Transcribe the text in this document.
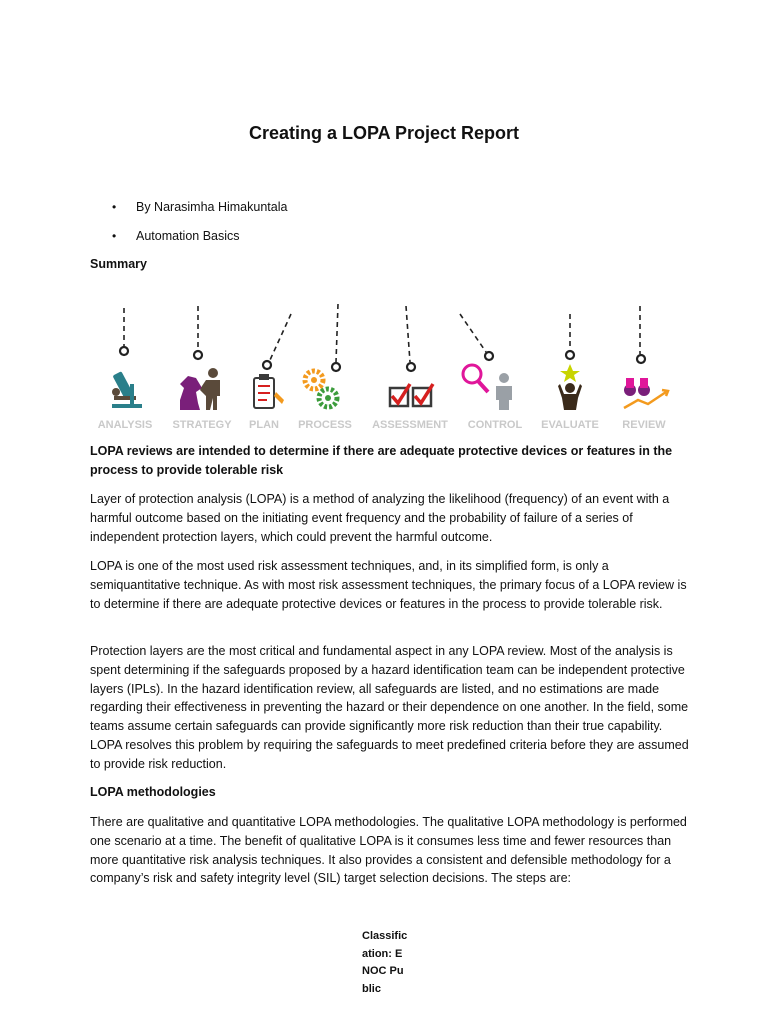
Creating a LOPA Project Report
• By Narasimha Himakuntala
• Automation Basics
Summary
ANALYSIS STRATEGY PLAN PROCESS ASSESSMENT CONTROL EVALUATE REVIEW

LOPA reviews are intended to determine if there are adequate protective devices or features in the process to provide tolerable risk

Layer of protection analysis (LOPA) is a method of analyzing the likelihood (frequency) of an event with a harmful outcome based on the initiating event frequency and the probability of failure of a series of independent protection layers, which could prevent the harmful outcome.

LOPA is one of the most used risk assessment techniques, and, in its simplified form, is only a semiquantitative technique. As with most risk assessment techniques, the primary focus of a LOPA review is to determine if there are adequate protective devices or features in the process to provide tolerable risk.

Protection layers are the most critical and fundamental aspect in any LOPA review. Most of the analysis is spent determining if the safeguards proposed by a hazard identification team can be independent protective layers (IPLs). In the hazard identification review, all safeguards are listed, and no estimations are made regarding their effectiveness in preventing the hazard or their dependence on one another. In the field, some teams assume certain safeguards can provide significantly more risk reduction than their true capability. LOPA resolves this problem by requiring the safeguards to meet predefined criteria before they are assumed to provide risk reduction.

LOPA methodologies

There are qualitative and quantitative LOPA methodologies. The qualitative LOPA methodology is performed one scenario at a time. The benefit of qualitative LOPA is it consumes less time and fewer resources than more quantitative risk analysis techniques. It also provides a consistent and defensible methodology for a company’s risk and safety integrity level (SIL) target selection decisions. The steps are:

Classification: ENOC Public
